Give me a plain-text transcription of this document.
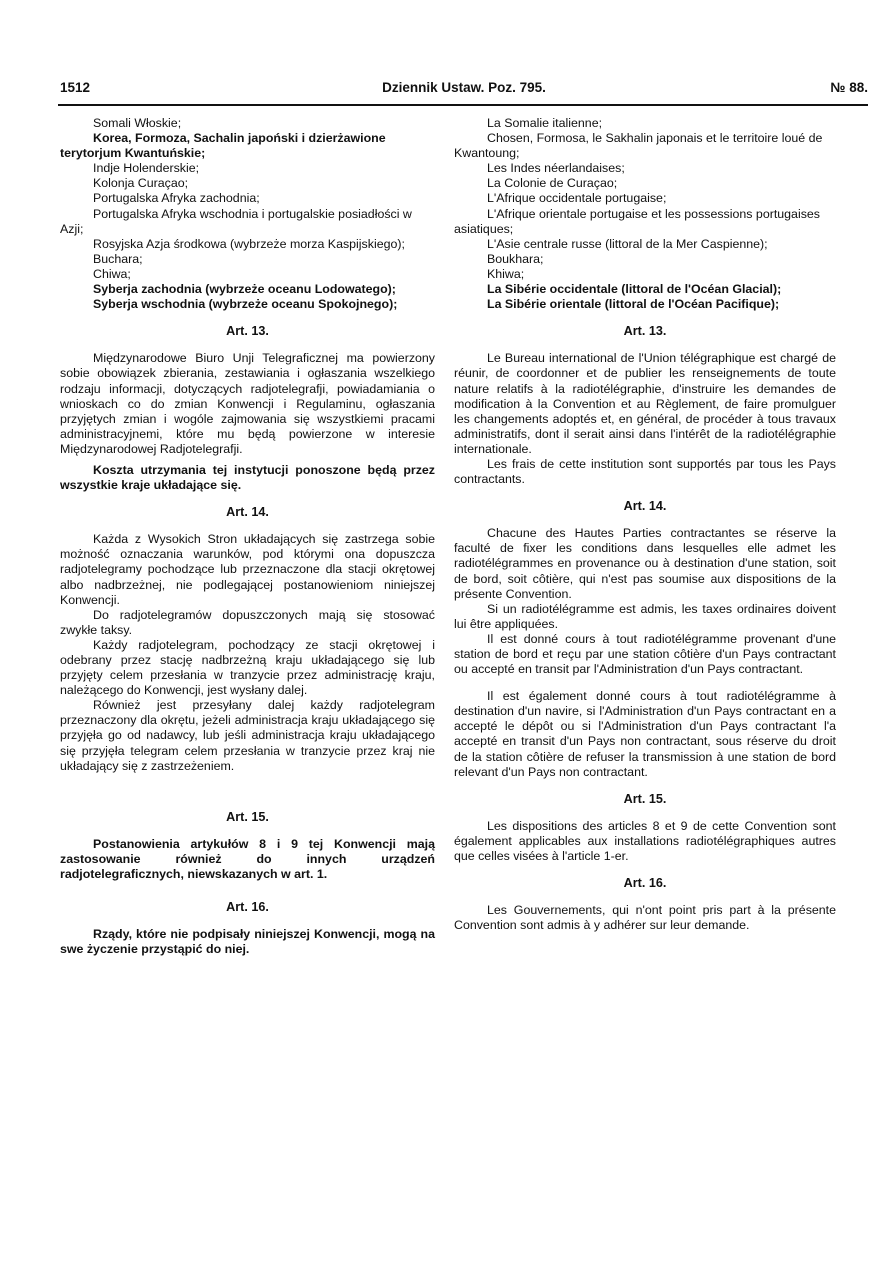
1512	Dziennik Ustaw. Poz. 795.	№ 88.

Somali Włoskie;

Korea, Formoza, Sachalin japoński i dzierżawione terytorjum Kwantuńskie;

Indje Holenderskie;

Kolonja Curaçao;

Portugalska Afryka zachodnia;

Portugalska Afryka wschodnia i portugalskie posiadłości w Azji;

Rosyjska Azja środkowa (wybrzeże morza Kaspijskiego);

Buchara;

Chiwa;

Syberja zachodnia (wybrzeże oceanu Lodowatego);

Syberja wschodnia (wybrzeże oceanu Spokojnego);

Art. 13.

Międzynarodowe Biuro Unji Telegraficznej ma powierzony sobie obowiązek zbierania, zestawiania i ogłaszania wszelkiego rodzaju informacji, dotyczących radjotelegrafji, powiadamiania o wnioskach co do zmian Konwencji i Regulaminu, ogłaszania przyjętych zmian i wogóle zajmowania się wszystkiemi pracami administracyjnemi, które mu będą powierzone w interesie Międzynarodowej Radjotelegrafji.

Koszta utrzymania tej instytucji ponoszone będą przez wszystkie kraje układające się.

Art. 14.

Każda z Wysokich Stron układających się zastrzega sobie możność oznaczania warunków, pod którymi ona dopuszcza radjotelegramy pochodzące lub przeznaczone dla stacji okrętowej albo nadbrzeżnej, nie podlegającej postanowieniom niniejszej Konwencji.

Do radjotelegramów dopuszczonych mają się stosować zwykłe taksy.

Każdy radjotelegram, pochodzący ze stacji okrętowej i odebrany przez stację nadbrzeżną kraju układającego się lub przyjęty celem przesłania w tranzycie przez administrację kraju, należącego do Konwencji, jest wysłany dalej.

Również jest przesyłany dalej każdy radjotelegram przeznaczony dla okrętu, jeżeli administracja kraju układającego się przyjęła go od nadawcy, lub jeśli administracja kraju układającego się przyjęła telegram celem przesłania w tranzycie przez kraj nie układający się z zastrzeżeniem.

Art. 15.

Postanowienia artykułów 8 i 9 tej Konwencji mają zastosowanie również do innych urządzeń radjotelegraficznych, niewskazanych w art. 1.

Art. 16.

Rządy, które nie podpisały niniejszej Konwencji, mogą na swe życzenie przystąpić do niej.

La Somalie italienne;

Chosen, Formosa, le Sakhalin japonais et le territoire loué de Kwantoung;

Les Indes néerlandaises;

La Colonie de Curaçao;

L'Afrique occidentale portugaise;

L'Afrique orientale portugaise et les possessions portugaises asiatiques;

L'Asie centrale russe (littoral de la Mer Caspienne);

Boukhara;

Khiwa;

La Sibérie occidentale (littoral de l'Océan Glacial);

La Sibérie orientale (littoral de l'Océan Pacifique);

Art. 13.

Le Bureau international de l'Union télégraphique est chargé de réunir, de coordonner et de publier les renseignements de toute nature relatifs à la radiotélégraphie, d'instruire les demandes de modification à la Convention et au Règlement, de faire promulguer les changements adoptés et, en général, de procéder à tous travaux administratifs, dont il serait ainsi dans l'intérêt de la radiotélégraphie internationale.

Les frais de cette institution sont supportés par tous les Pays contractants.

Art. 14.

Chacune des Hautes Parties contractantes se réserve la faculté de fixer les conditions dans lesquelles elle admet les radiotélégrammes en provenance ou à destination d'une station, soit de bord, soit côtière, qui n'est pas soumise aux dispositions de la présente Convention.

Si un radiotélégramme est admis, les taxes ordinaires doivent lui être appliquées.

Il est donné cours à tout radiotélégramme provenant d'une station de bord et reçu par une station côtière d'un Pays contractant ou accepté en transit par l'Administration d'un Pays contractant.

Il est également donné cours à tout radiotélégramme à destination d'un navire, si l'Administration d'un Pays contractant en a accepté le dépôt ou si l'Administration d'un Pays contractant l'a accepté en transit d'un Pays non contractant, sous réserve du droit de la station côtière de refuser la transmission à une station de bord relevant d'un Pays non contractant.

Art. 15.

Les dispositions des articles 8 et 9 de cette Convention sont également applicables aux installations radiotélégraphiques autres que celles visées à l'article 1-er.

Art. 16.

Les Gouvernements, qui n'ont point pris part à la présente Convention sont admis à y adhérer sur leur demande.
